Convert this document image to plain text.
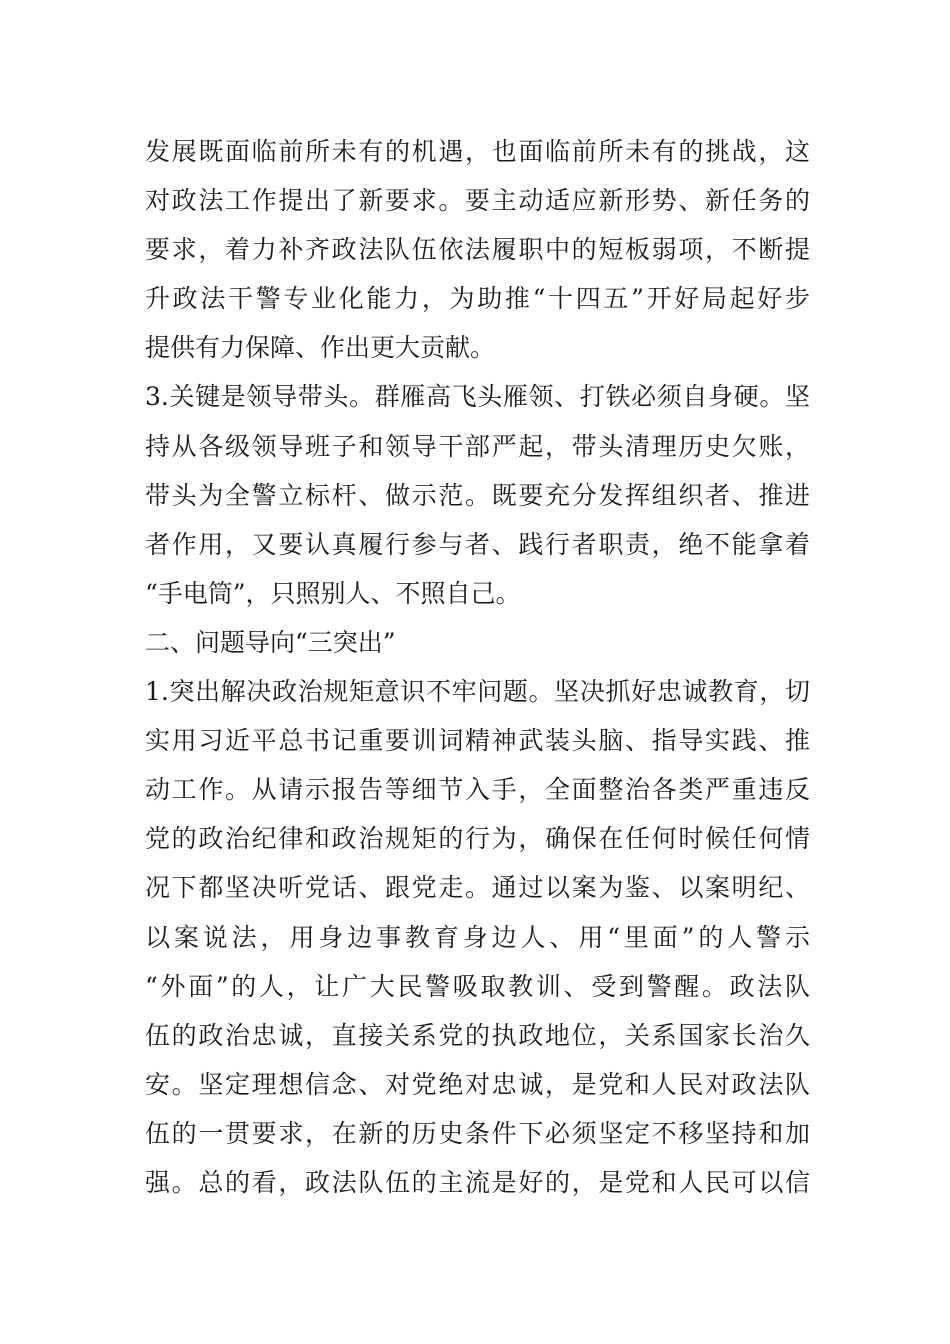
发展既面临前所未有的机遇，也面临前所未有的挑战，这
对政法工作提出了新要求。要主动适应新形势、新任务的
要求，着力补齐政法队伍依法履职中的短板弱项，不断提
升政法干警专业化能力，为助推“十四五”开好局起好步
提供有力保障、作出更大贡献。
3.关键是领导带头。群雁高飞头雁领、打铁必须自身硬。坚
持从各级领导班子和领导干部严起，带头清理历史欠账，
带头为全警立标杆、做示范。既要充分发挥组织者、推进
者作用，又要认真履行参与者、践行者职责，绝不能拿着
“手电筒”，只照别人、不照自己。
二、问题导向“三突出”
1.突出解决政治规矩意识不牢问题。坚决抓好忠诚教育，切
实用习近平总书记重要训词精神武装头脑、指导实践、推
动工作。从请示报告等细节入手，全面整治各类严重违反
党的政治纪律和政治规矩的行为，确保在任何时候任何情
况下都坚决听党话、跟党走。通过以案为鉴、以案明纪、
以案说法，用身边事教育身边人、用“里面”的人警示
“外面”的人，让广大民警吸取教训、受到警醒。政法队
伍的政治忠诚，直接关系党的执政地位，关系国家长治久
安。坚定理想信念、对党绝对忠诚，是党和人民对政法队
伍的一贯要求，在新的历史条件下必须坚定不移坚持和加
强。总的看，政法队伍的主流是好的，是党和人民可以信
